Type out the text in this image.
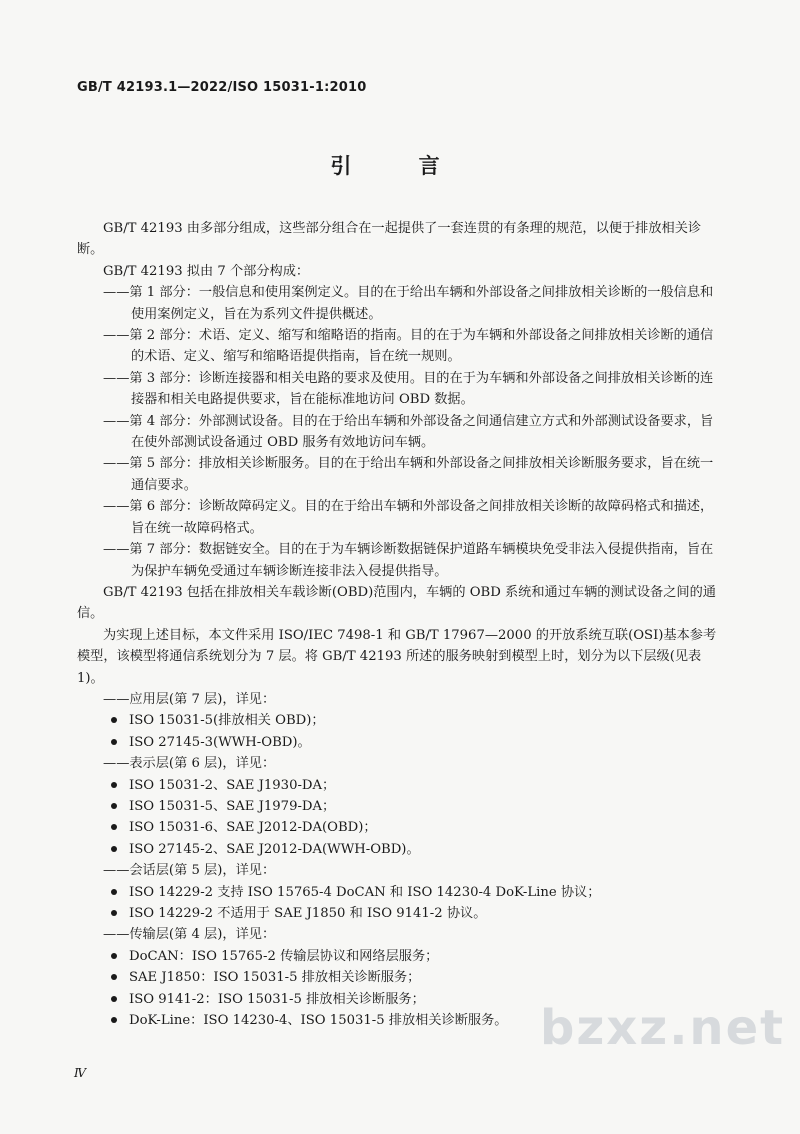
GB/T 42193.1—2022/ISO 15031-1:2010
引 言

GB/T 42193 由多部分组成，这些部分组合在一起提供了一套连贯的有条理的规范，以便于排放相关诊断。

GB/T 42193 拟由 7 个部分构成：

——第 1 部分：一般信息和使用案例定义。目的在于给出车辆和外部设备之间排放相关诊断的一般信息和使用案例定义，旨在为系列文件提供概述。

——第 2 部分：术语、定义、缩写和缩略语的指南。目的在于为车辆和外部设备之间排放相关诊断的通信的术语、定义、缩写和缩略语提供指南，旨在统一规则。

——第 3 部分：诊断连接器和相关电路的要求及使用。目的在于为车辆和外部设备之间排放相关诊断的连接器和相关电路提供要求，旨在能标准地访问 OBD 数据。

——第 4 部分：外部测试设备。目的在于给出车辆和外部设备之间通信建立方式和外部测试设备要求，旨在使外部测试设备通过 OBD 服务有效地访问车辆。

——第 5 部分：排放相关诊断服务。目的在于给出车辆和外部设备之间排放相关诊断服务要求，旨在统一通信要求。

——第 6 部分：诊断故障码定义。目的在于给出车辆和外部设备之间排放相关诊断的故障码格式和描述，旨在统一故障码格式。

——第 7 部分：数据链安全。目的在于为车辆诊断数据链保护道路车辆模块免受非法入侵提供指南，旨在为保护车辆免受通过车辆诊断连接非法入侵提供指导。

GB/T 42193 包括在排放相关车载诊断(OBD)范围内，车辆的 OBD 系统和通过车辆的测试设备之间的通信。

为实现上述目标，本文件采用 ISO/IEC 7498-1 和 GB/T 17967—2000 的开放系统互联(OSI)基本参考模型，该模型将通信系统划分为 7 层。将 GB/T 42193 所述的服务映射到模型上时，划分为以下层级(见表 1)。

——应用层(第 7 层)，详见：

ISO 15031-5(排放相关 OBD)；

ISO 27145-3(WWH-OBD)。

——表示层(第 6 层)，详见：

ISO 15031-2、SAE J1930-DA；

ISO 15031-5、SAE J1979-DA；

ISO 15031-6、SAE J2012-DA(OBD)；

ISO 27145-2、SAE J2012-DA(WWH-OBD)。

——会话层(第 5 层)，详见：

ISO 14229-2 支持 ISO 15765-4 DoCAN 和 ISO 14230-4 DoK-Line 协议；

ISO 14229-2 不适用于 SAE J1850 和 ISO 9141-2 协议。

——传输层(第 4 层)，详见：

DoCAN：ISO 15765-2 传输层协议和网络层服务；

SAE J1850：ISO 15031-5 排放相关诊断服务；

ISO 9141-2：ISO 15031-5 排放相关诊断服务；

DoK-Line：ISO 14230-4、ISO 15031-5 排放相关诊断服务。 bzxz.net
Ⅳ
